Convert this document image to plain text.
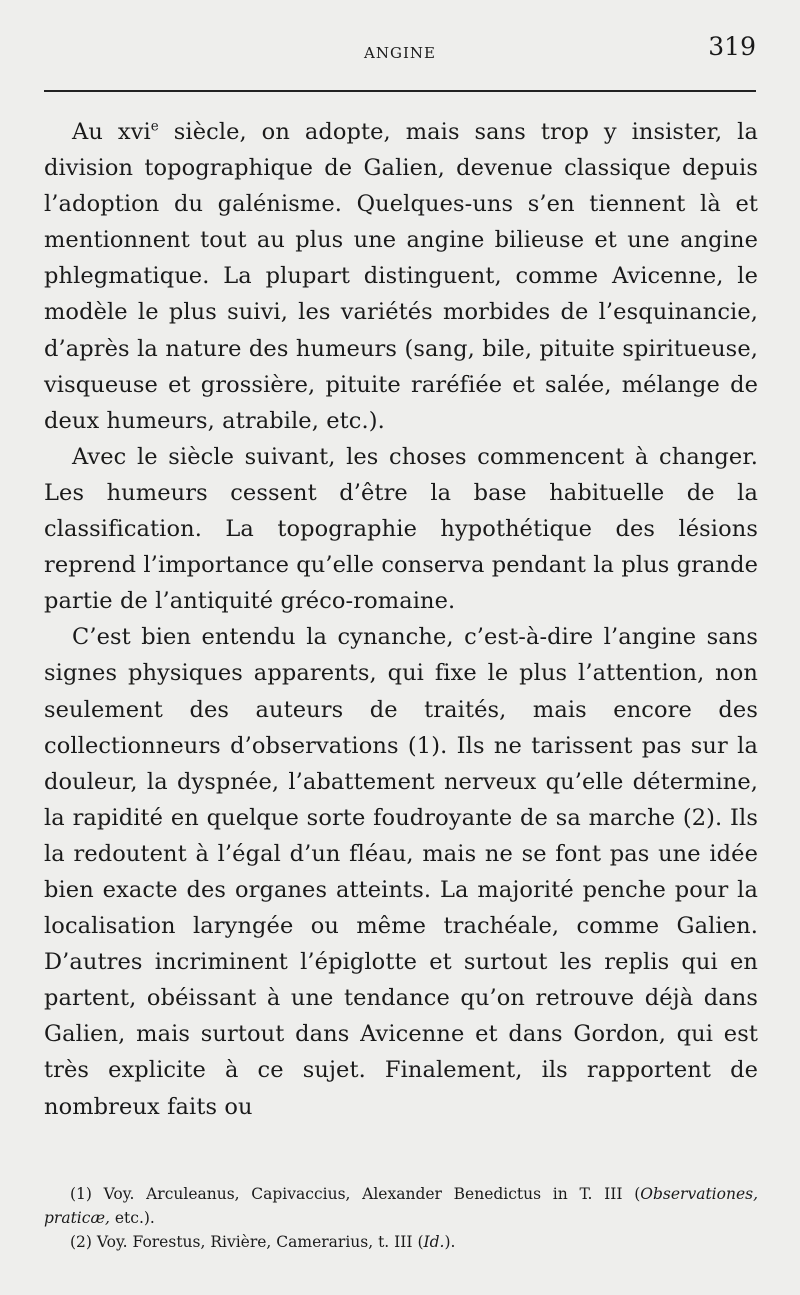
ANGINE	319

Au xvi$^e$ siècle, on adopte, mais sans trop y insister, la division topographique de Galien, devenue classique depuis l’adoption du galénisme. Quelques-uns s’en tiennent là et mentionnent tout au plus une angine bilieuse et une angine phlegmatique. La plupart distinguent, comme Avicenne, le modèle le plus suivi, les variétés morbides de l’esquinancie, d’après la nature des humeurs (sang, bile, pituite spiritueuse, visqueuse et grossière, pituite raréfiée et salée, mélange de deux humeurs, atrabile, etc.).

Avec le siècle suivant, les choses commencent à changer. Les humeurs cessent d’être la base habituelle de la classification. La topographie hypothétique des lésions reprend l’importance qu’elle conserva pendant la plus grande partie de l’antiquité gréco-romaine.

C’est bien entendu la cynanche, c’est-à-dire l’angine sans signes physiques apparents, qui fixe le plus l’attention, non seulement des auteurs de traités, mais encore des collectionneurs d’observations (1). Ils ne tarissent pas sur la douleur, la dyspnée, l’abattement nerveux qu’elle détermine, la rapidité en quelque sorte foudroyante de sa marche (2). Ils la redoutent à l’égal d’un fléau, mais ne se font pas une idée bien exacte des organes atteints. La majorité penche pour la localisation laryngée ou même trachéale, comme Galien. D’autres incriminent l’épiglotte et surtout les replis qui en partent, obéissant à une tendance qu’on retrouve déjà dans Galien, mais surtout dans Avicenne et dans Gordon, qui est très explicite à ce sujet. Finalement, ils rapportent de nombreux faits ou

(1) Voy. Arculeanus, Capivaccius, Alexander Benedictus in T. III (Observationes, praticæ, etc.).

(2) Voy. Forestus, Rivière, Camerarius, t. III (Id.).
